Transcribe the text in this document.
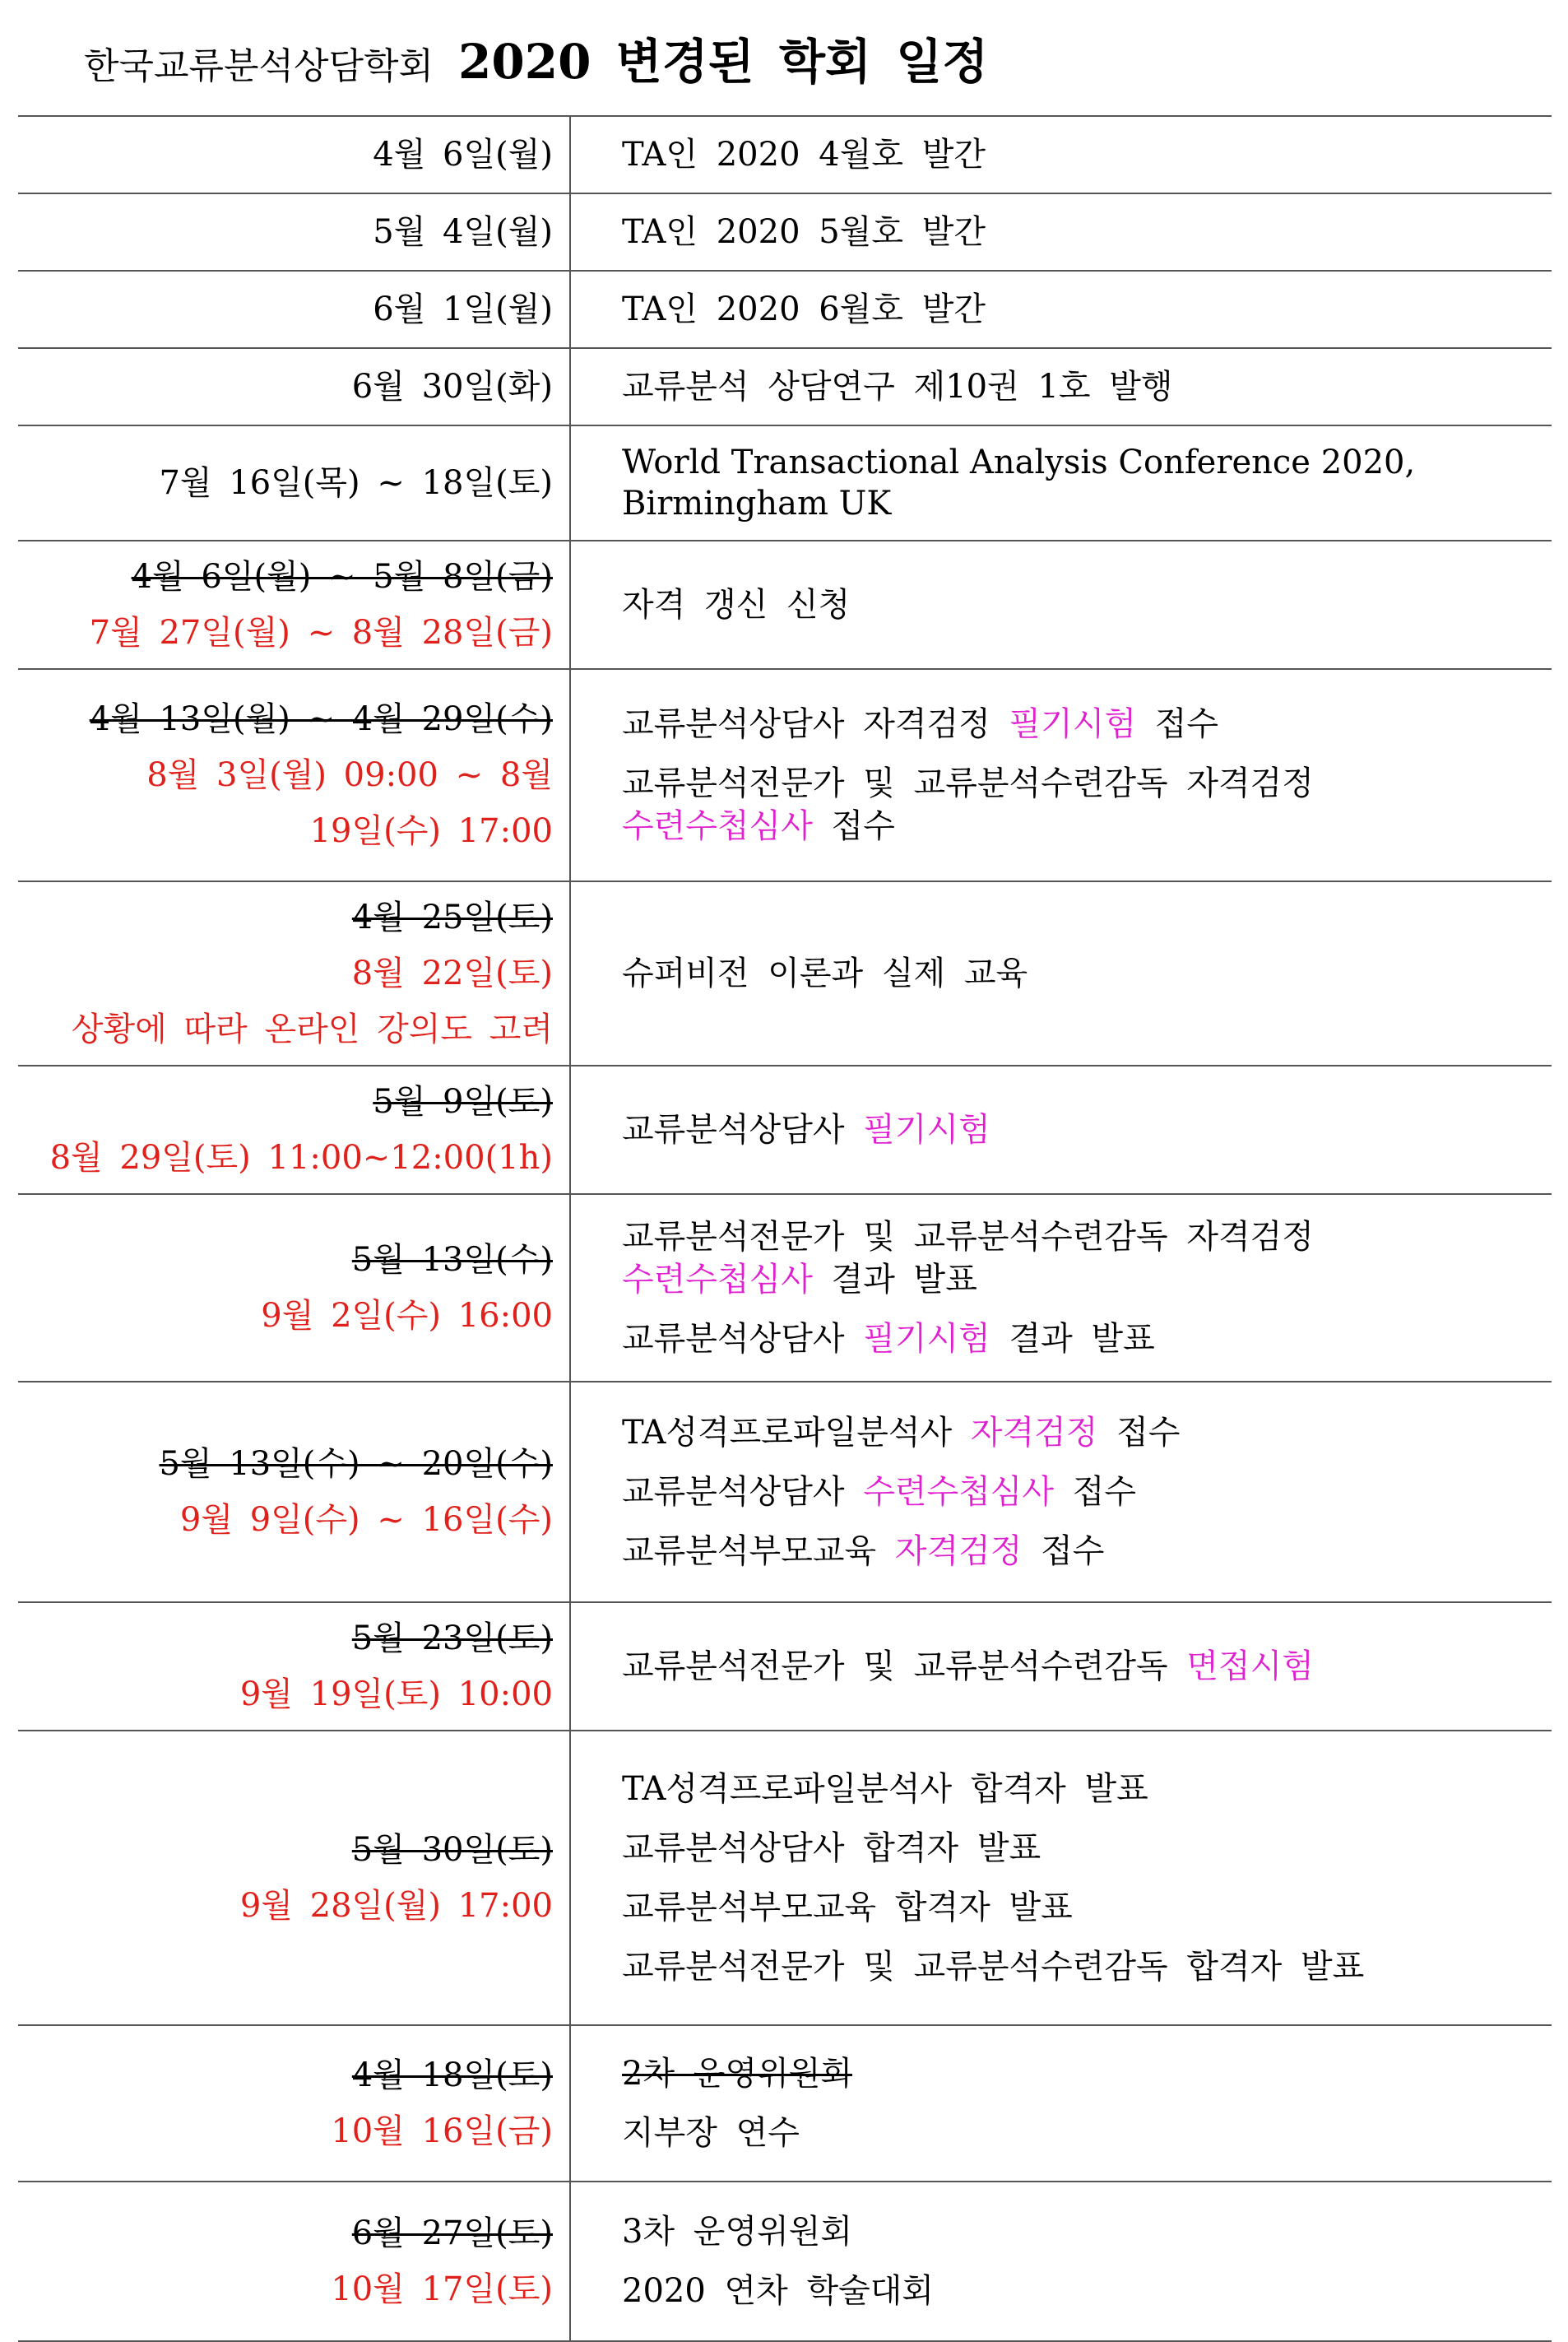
한국교류분석상담학회 2020 변경된 학회 일정
4월 6일(월)	TA인 2020 4월호 발간

5월 4일(월)	TA인 2020 5월호 발간

6월 1일(월)	TA인 2020 6월호 발간

6월 30일(화)	교류분석 상담연구 제10권 1호 발행

7월 16일(목) ~ 18일(토)	World Transactional Analysis Conference 2020, Birmingham UK

4월 6일(월) ~ 5월 8일(금)
7월 27일(월) ~ 8월 28일(금)	자격 갱신 신청

4월 13일(월) ~ 4월 29일(수)
8월 3일(월) 09:00 ~ 8월
19일(수) 17:00	교류분석상담사 자격검정 필기시험 접수
교류분석전문가 및 교류분석수련감독 자격검정
수련수첩심사 접수

4월 25일(토)
8월 22일(토)
상황에 따라 온라인 강의도 고려	슈퍼비전 이론과 실제 교육

5월 9일(토)
8월 29일(토) 11:00~12:00(1h)	교류분석상담사 필기시험

5월 13일(수)
9월 2일(수) 16:00	교류분석전문가 및 교류분석수련감독 자격검정
수련수첩심사 결과 발표
교류분석상담사 필기시험 결과 발표

5월 13일(수) ~ 20일(수)
9월 9일(수) ~ 16일(수)	TA성격프로파일분석사 자격검정 접수
교류분석상담사 수련수첩심사 접수
교류분석부모교육 자격검정 접수

5월 23일(토)
9월 19일(토) 10:00	교류분석전문가 및 교류분석수련감독 면접시험

5월 30일(토)
9월 28일(월) 17:00	TA성격프로파일분석사 합격자 발표
교류분석상담사 합격자 발표
교류분석부모교육 합격자 발표
교류분석전문가 및 교류분석수련감독 합격자 발표

4월 18일(토)
10월 16일(금)	2차 운영위원회
지부장 연수

6월 27일(토)
10월 17일(토)	3차 운영위원회
2020 연차 학술대회
